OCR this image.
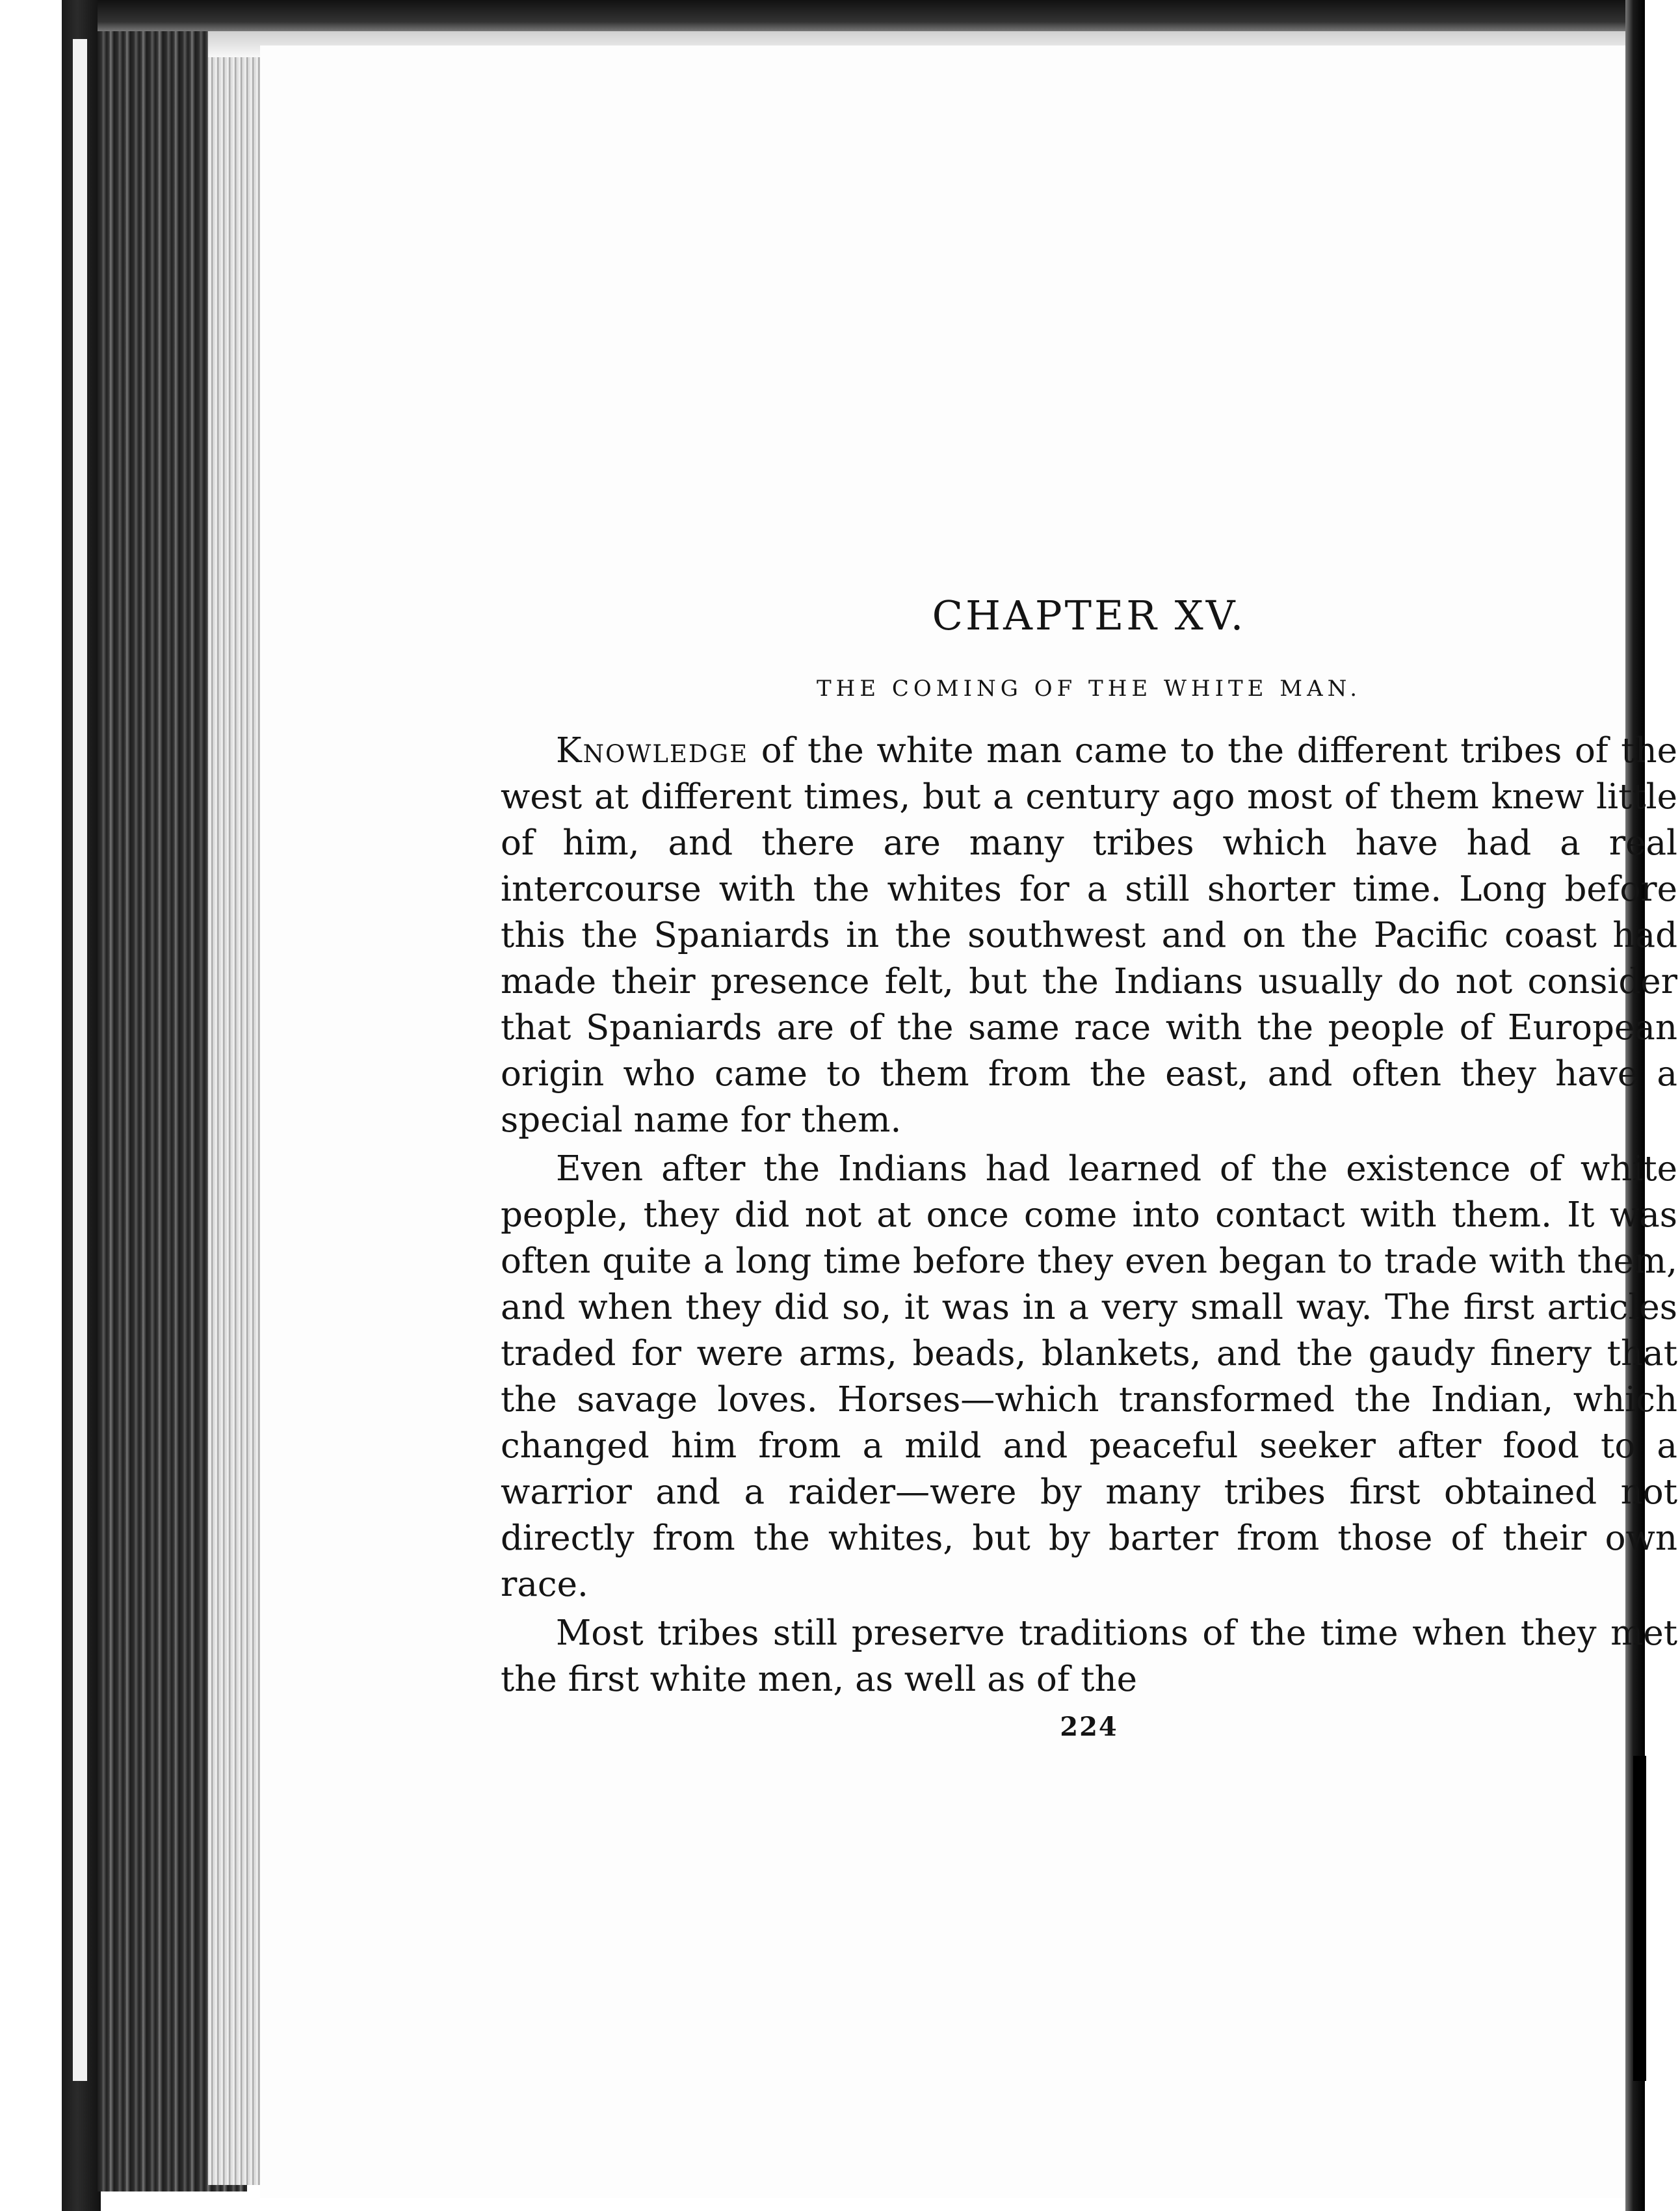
CHAPTER XV.
THE COMING OF THE WHITE MAN.

Knowledge of the white man came to the different tribes of the west at different times, but a century ago most of them knew little of him, and there are many tribes which have had a real intercourse with the whites for a still shorter time. Long before this the Spaniards in the southwest and on the Pacific coast had made their presence felt, but the Indians usually do not consider that Spaniards are of the same race with the people of European origin who came to them from the east, and often they have a special name for them.

Even after the Indians had learned of the existence of white people, they did not at once come into contact with them. It was often quite a long time before they even began to trade with them, and when they did so, it was in a very small way. The first articles traded for were arms, beads, blankets, and the gaudy finery that the savage loves. Horses—which transformed the Indian, which changed him from a mild and peaceful seeker after food to a warrior and a raider—were by many tribes first obtained not directly from the whites, but by barter from those of their own race.

Most tribes still preserve traditions of the time when they met the first white men, as well as of the

224
